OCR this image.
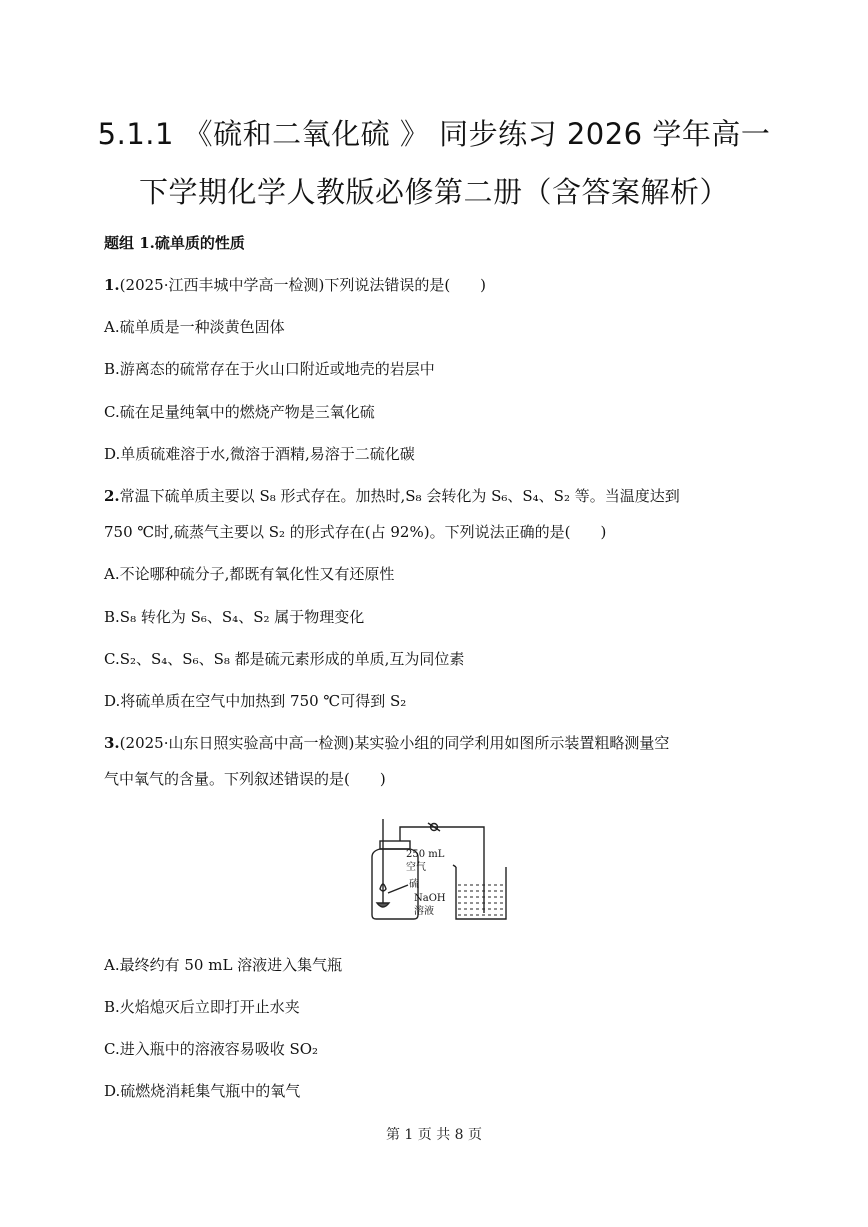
5.1.1 《硫和二氧化硫 》 同步练习 2026 学年高一
下学期化学人教版必修第二册（含答案解析）
题组 1.硫单质的性质
1.(2025·江西丰城中学高一检测)下列说法错误的是(　　)
A.硫单质是一种淡黄色固体
B.游离态的硫常存在于火山口附近或地壳的岩层中
C.硫在足量纯氧中的燃烧产物是三氧化硫
D.单质硫难溶于水,微溶于酒精,易溶于二硫化碳
2.常温下硫单质主要以 S₈ 形式存在。加热时,S₈ 会转化为 S₆、S₄、S₂ 等。当温度达到
750 ℃时,硫蒸气主要以 S₂ 的形式存在(占 92%)。下列说法正确的是(　　)
A.不论哪种硫分子,都既有氧化性又有还原性
B.S₈ 转化为 S₆、S₄、S₂ 属于物理变化
C.S₂、S₄、S₆、S₈ 都是硫元素形成的单质,互为同位素
D.将硫单质在空气中加热到 750 ℃可得到 S₂
3.(2025·山东日照实验高中高一检测)某实验小组的同学利用如图所示装置粗略测量空
气中氧气的含量。下列叙述错误的是(　　)
250 mL
空气
硫
NaOH
溶液
A.最终约有 50 mL 溶液进入集气瓶
B.火焰熄灭后立即打开止水夹
C.进入瓶中的溶液容易吸收 SO₂
D.硫燃烧消耗集气瓶中的氧气
第 1 页 共 8 页
